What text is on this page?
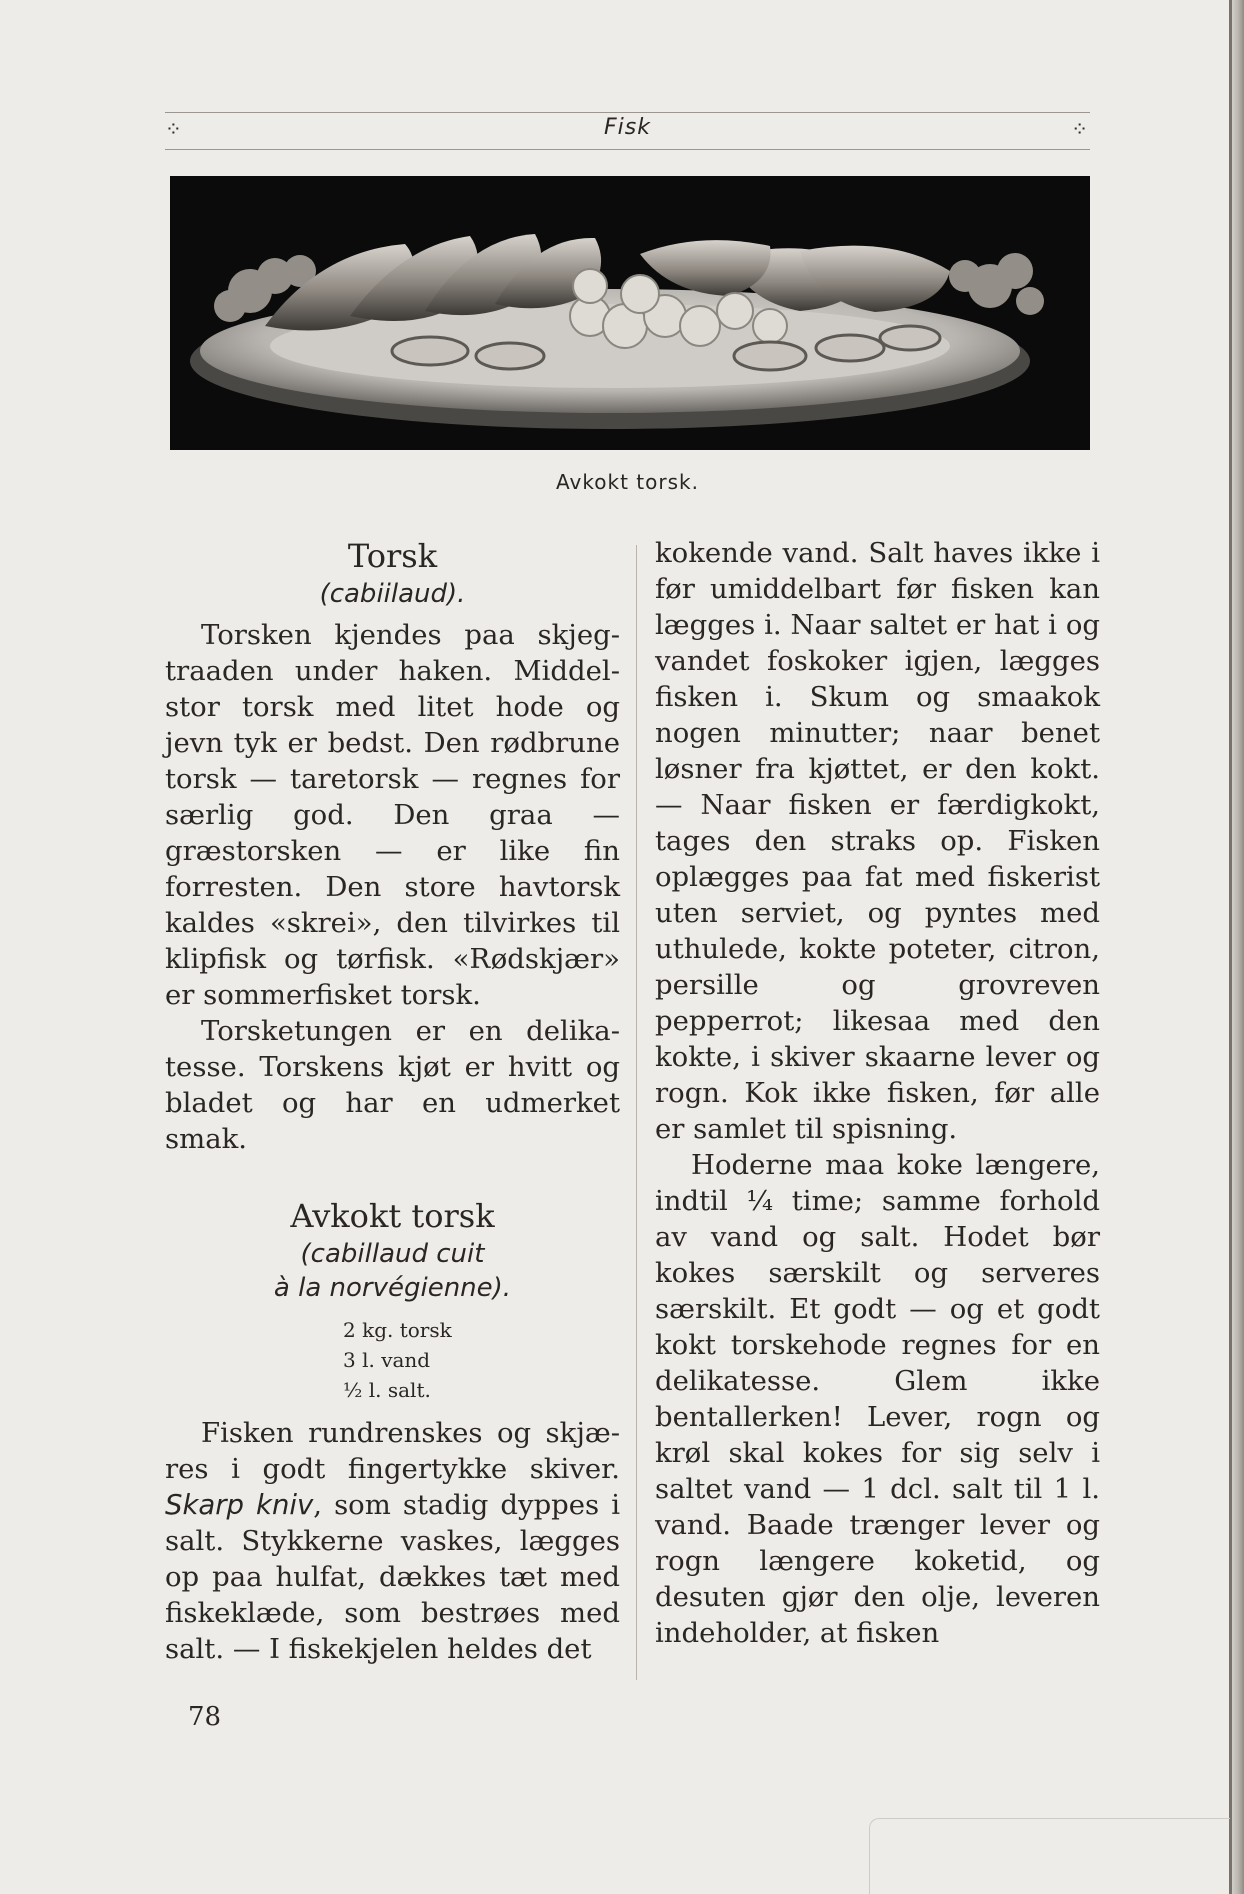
⁘	Fisk	⁘
Avkokt torsk.
Torsk
(cabiilaud).

Torsken kjendes paa skjegtraaden under haken. Middelstor torsk med litet hode og jevn tyk er bedst. Den rødbrune torsk — taretorsk — regnes for særlig god. Den graa — græstorsken — er like fin forresten. Den store havtorsk kaldes «skrei», den tilvirkes til klipfisk og tørfisk. «Rødskjær» er sommerfisket torsk.

Torsketungen er en delikatesse. Torskens kjøt er hvitt og bladet og har en udmerket smak.

Avkokt torsk
(cabillaud cuit
à la norvégienne).
2 kg. torsk
3 l. vand
½ l. salt.

Fisken rundrenskes og skjæres i godt fingertykke skiver. Skarp kniv, som stadig dyppes i salt. Stykkerne vaskes, lægges op paa hulfat, dækkes tæt med fiskeklæde, som bestrøes med salt. — I fiskekjelen heldes det

kokende vand. Salt haves ikke i før umiddelbart før fisken kan lægges i. Naar saltet er hat i og vandet foskoker igjen, lægges fisken i. Skum og smaakok nogen minutter; naar benet løsner fra kjøttet, er den kokt. — Naar fisken er færdigkokt, tages den straks op. Fisken oplægges paa fat med fiskerist uten serviet, og pyntes med uthulede, kokte poteter, citron, persille og grovreven pepperrot; likesaa med den kokte, i skiver skaarne lever og rogn. Kok ikke fisken, før alle er samlet til spisning.

Hoderne maa koke længere, indtil ¼ time; samme forhold av vand og salt. Hodet bør kokes særskilt og serveres særskilt. Et godt — og et godt kokt torskehode regnes for en delikatesse. Glem ikke bentallerken! Lever, rogn og krøl skal kokes for sig selv i saltet vand — 1 dcl. salt til 1 l. vand. Baade trænger lever og rogn længere koketid, og desuten gjør den olje, leveren indeholder, at fisken

78
